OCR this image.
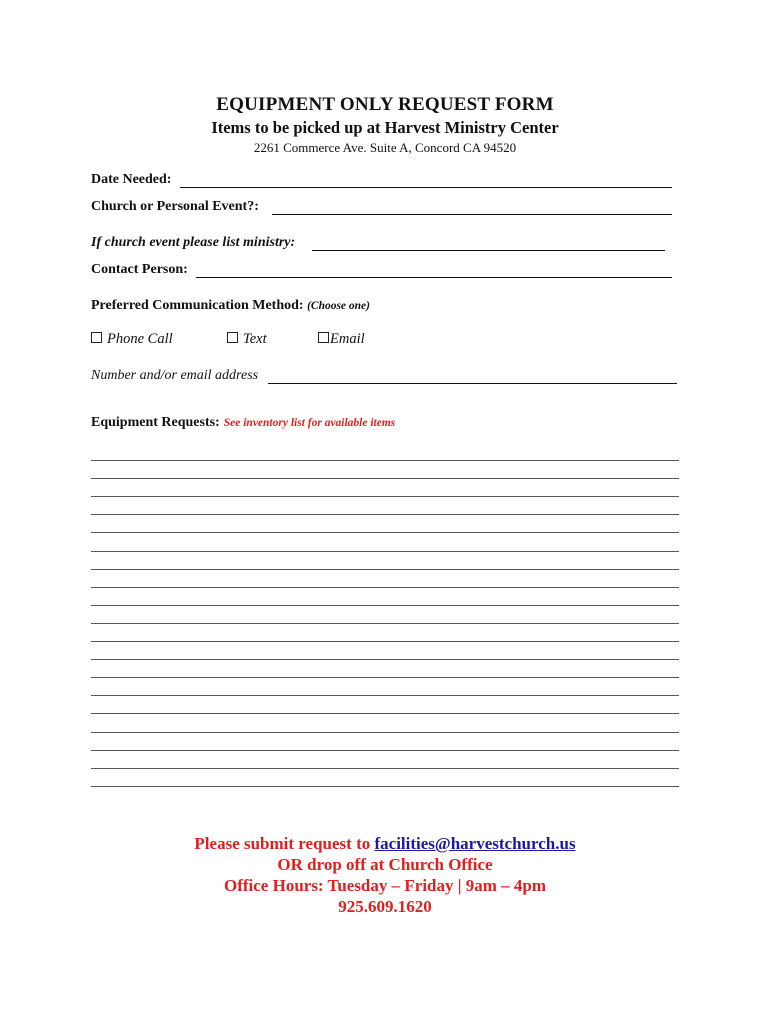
EQUIPMENT ONLY REQUEST FORM
Items to be picked up at Harvest Ministry Center
2261 Commerce Ave. Suite A, Concord CA 94520
Date Needed:
Church or Personal Event?:
If church event please list ministry:
Contact Person:
Preferred Communication Method: (Choose one)
Phone Call	Text	Email
Number and/or email address
Equipment Requests: See inventory list for available items
Please submit request to facilities@harvestchurch.us
OR drop off at Church Office
Office Hours: Tuesday – Friday | 9am – 4pm
925.609.1620
